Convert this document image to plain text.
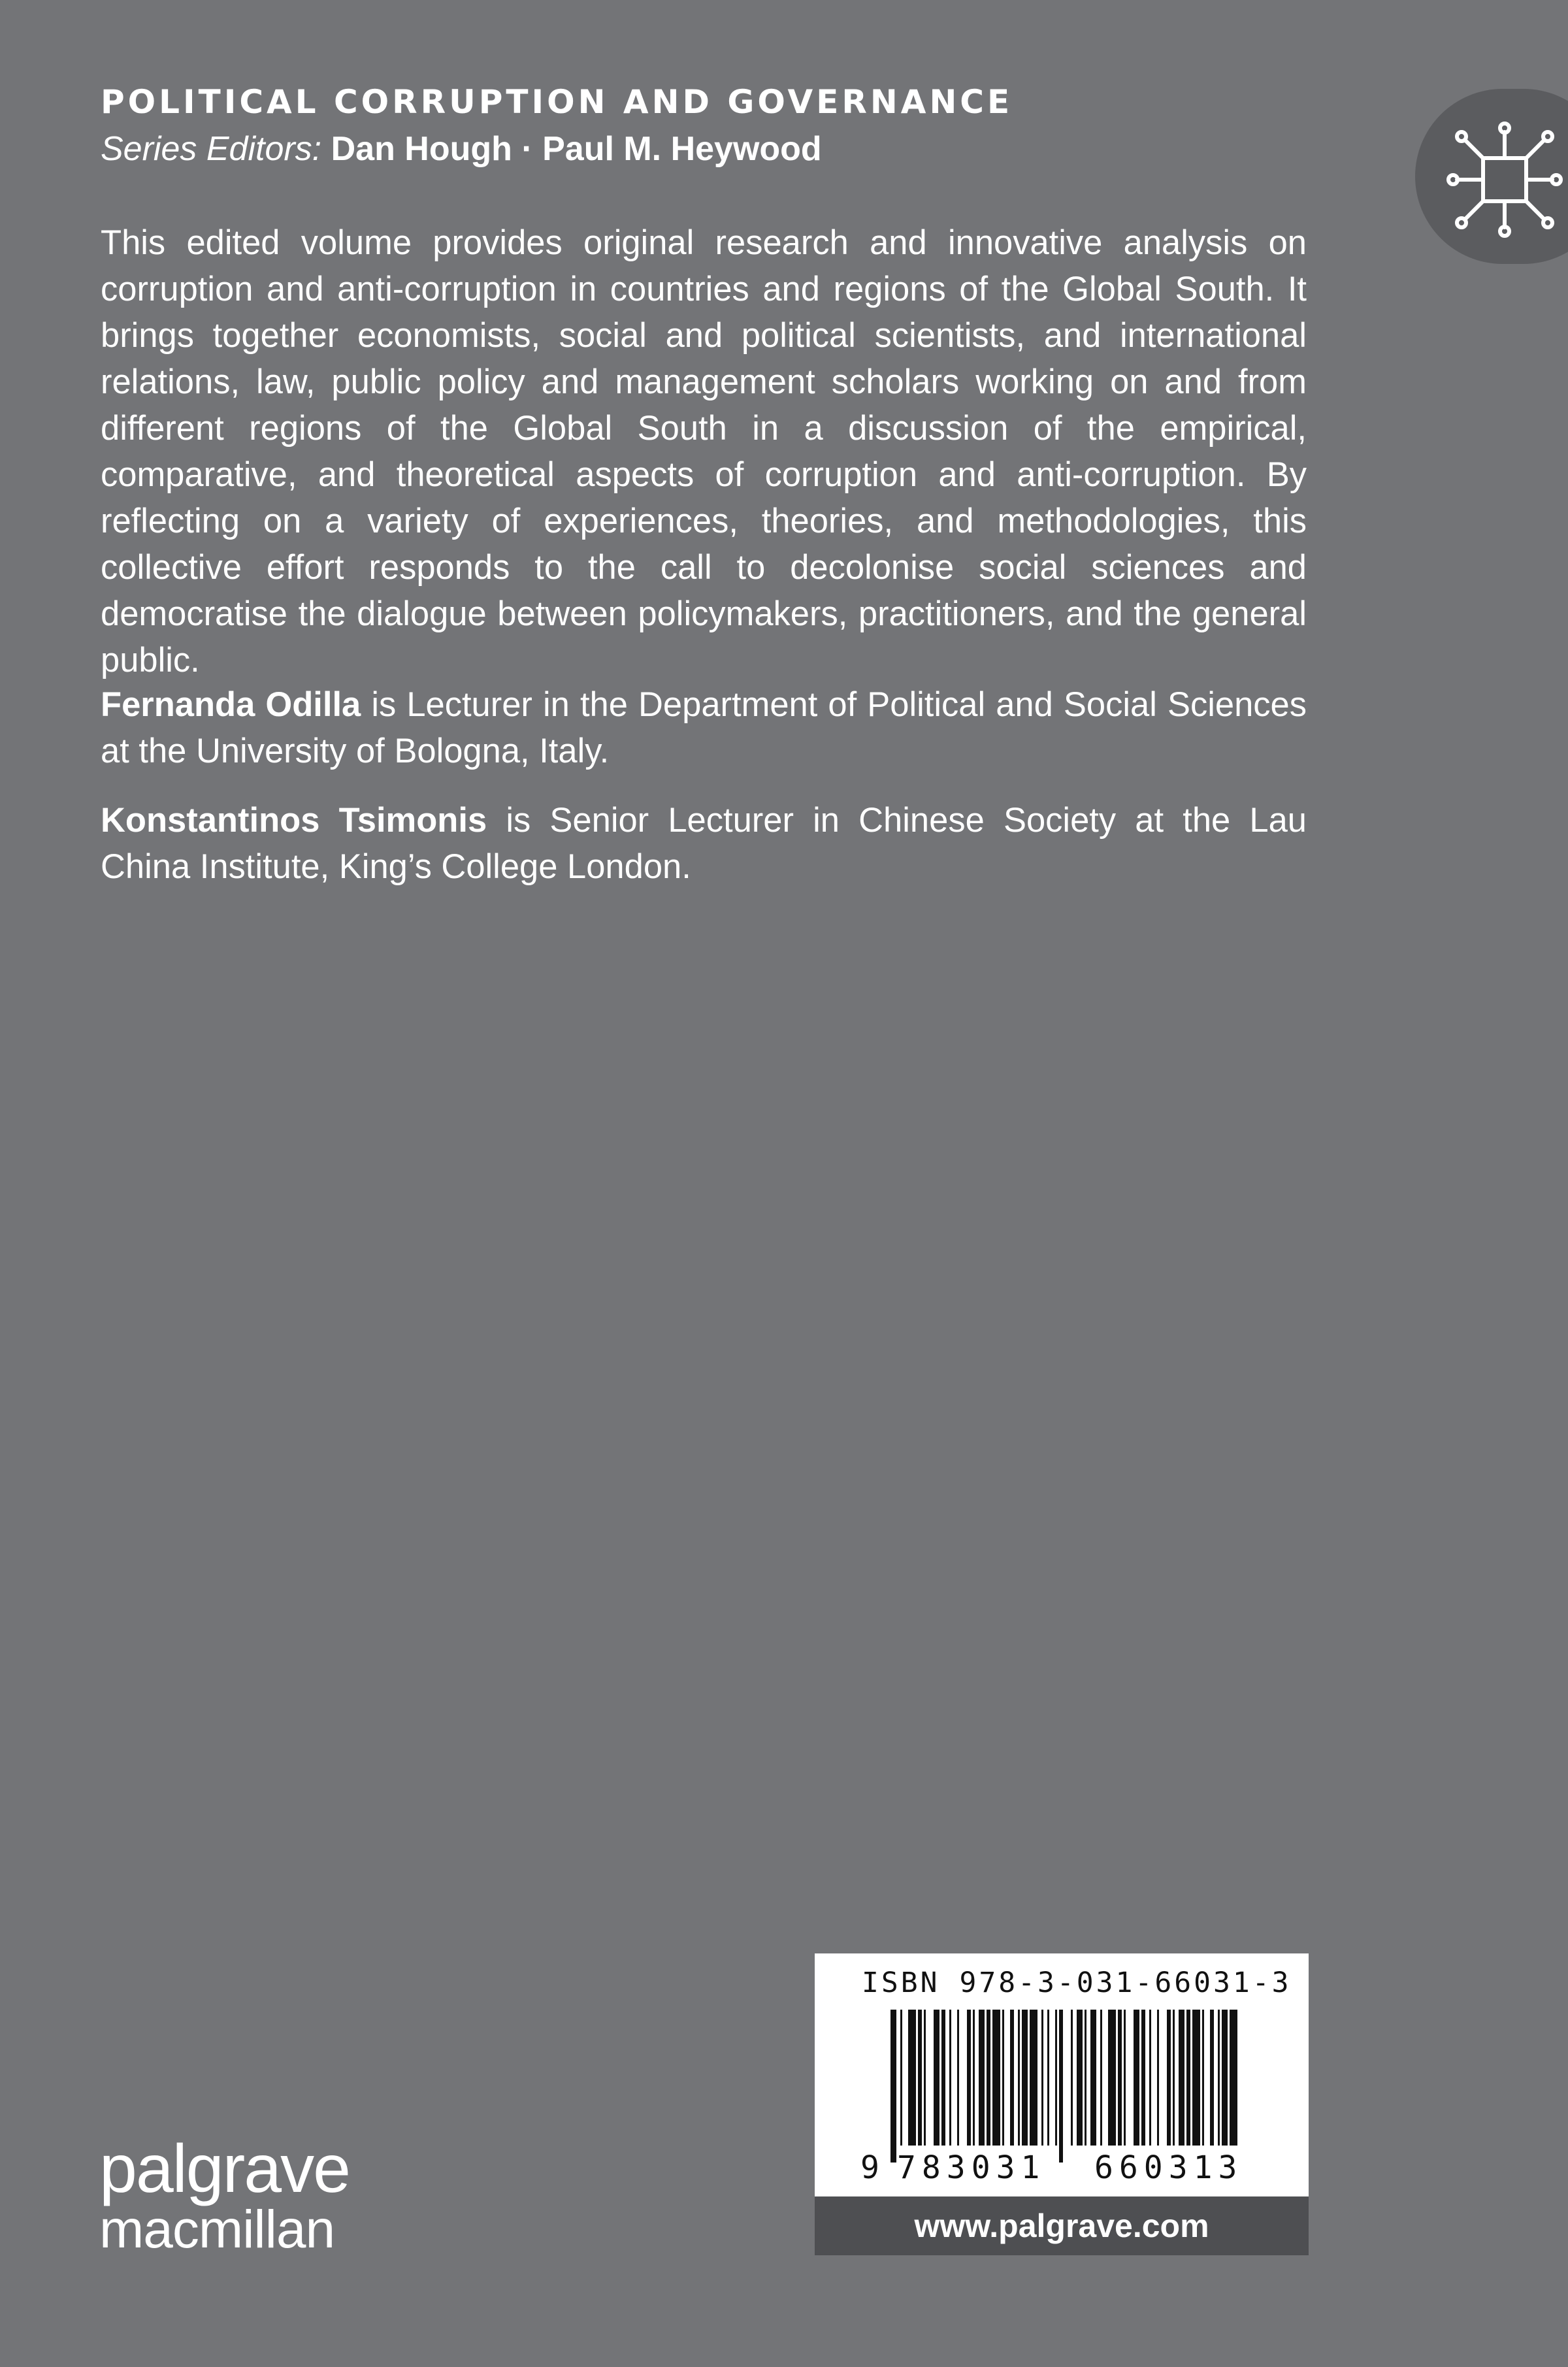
POLITICAL CORRUPTION AND GOVERNANCE

Series Editors: Dan Hough · Paul M. Heywood

This edited volume provides original research and innovative analysis on corruption and anti-corruption in countries and regions of the Global South. It brings together economists, social and political scientists, and international relations, law, public policy and management scholars working on and from different regions of the Global South in a discussion of the empirical, comparative, and theoretical aspects of corruption and anti-corruption. By reflecting on a variety of experiences, theories, and methodologies, this collective effort responds to the call to decolonise social sciences and democratise the dialogue between policymakers, practitioners, and the general public.

Fernanda Odilla is Lecturer in the Department of Political and Social Sciences at the University of Bologna, Italy.

Konstantinos Tsimonis is Senior Lecturer in Chinese Society at the Lau China Institute, King’s College London.

palgrave
macmillan
ISBN 978-3-031-66031-3
9 783031 660313
www.palgrave.com
